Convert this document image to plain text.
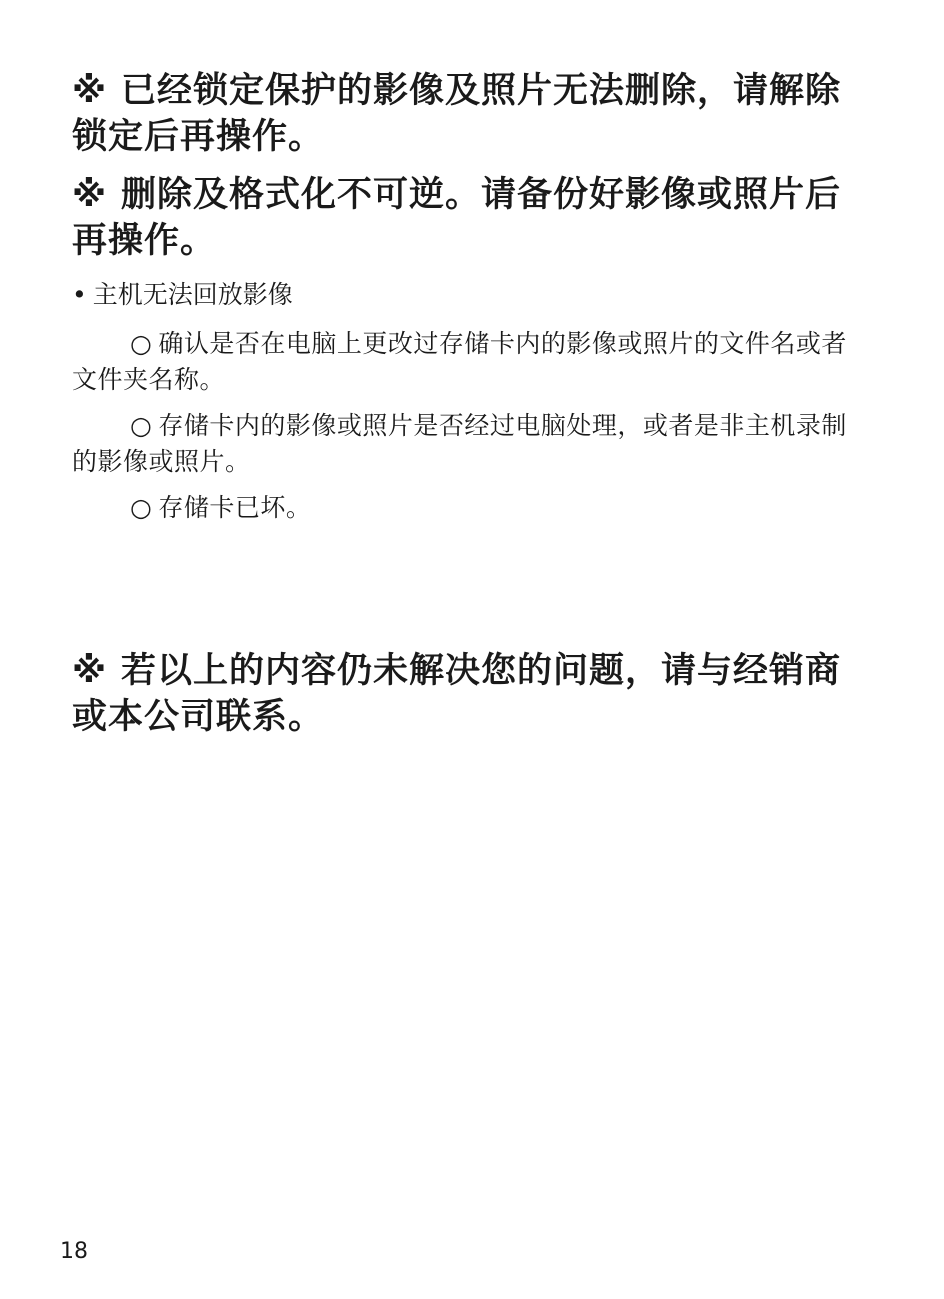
※ 已经锁定保护的影像及照片无法删除，请解除锁定后再操作。
※ 删除及格式化不可逆。请备份好影像或照片后再操作。
• 主机无法回放影像
○ 确认是否在电脑上更改过存储卡内的影像或照片的文件名或者文件夹名称。
○ 存储卡内的影像或照片是否经过电脑处理，或者是非主机录制的影像或照片。
○ 存储卡已坏。
※ 若以上的内容仍未解决您的问题，请与经销商或本公司联系。
18
